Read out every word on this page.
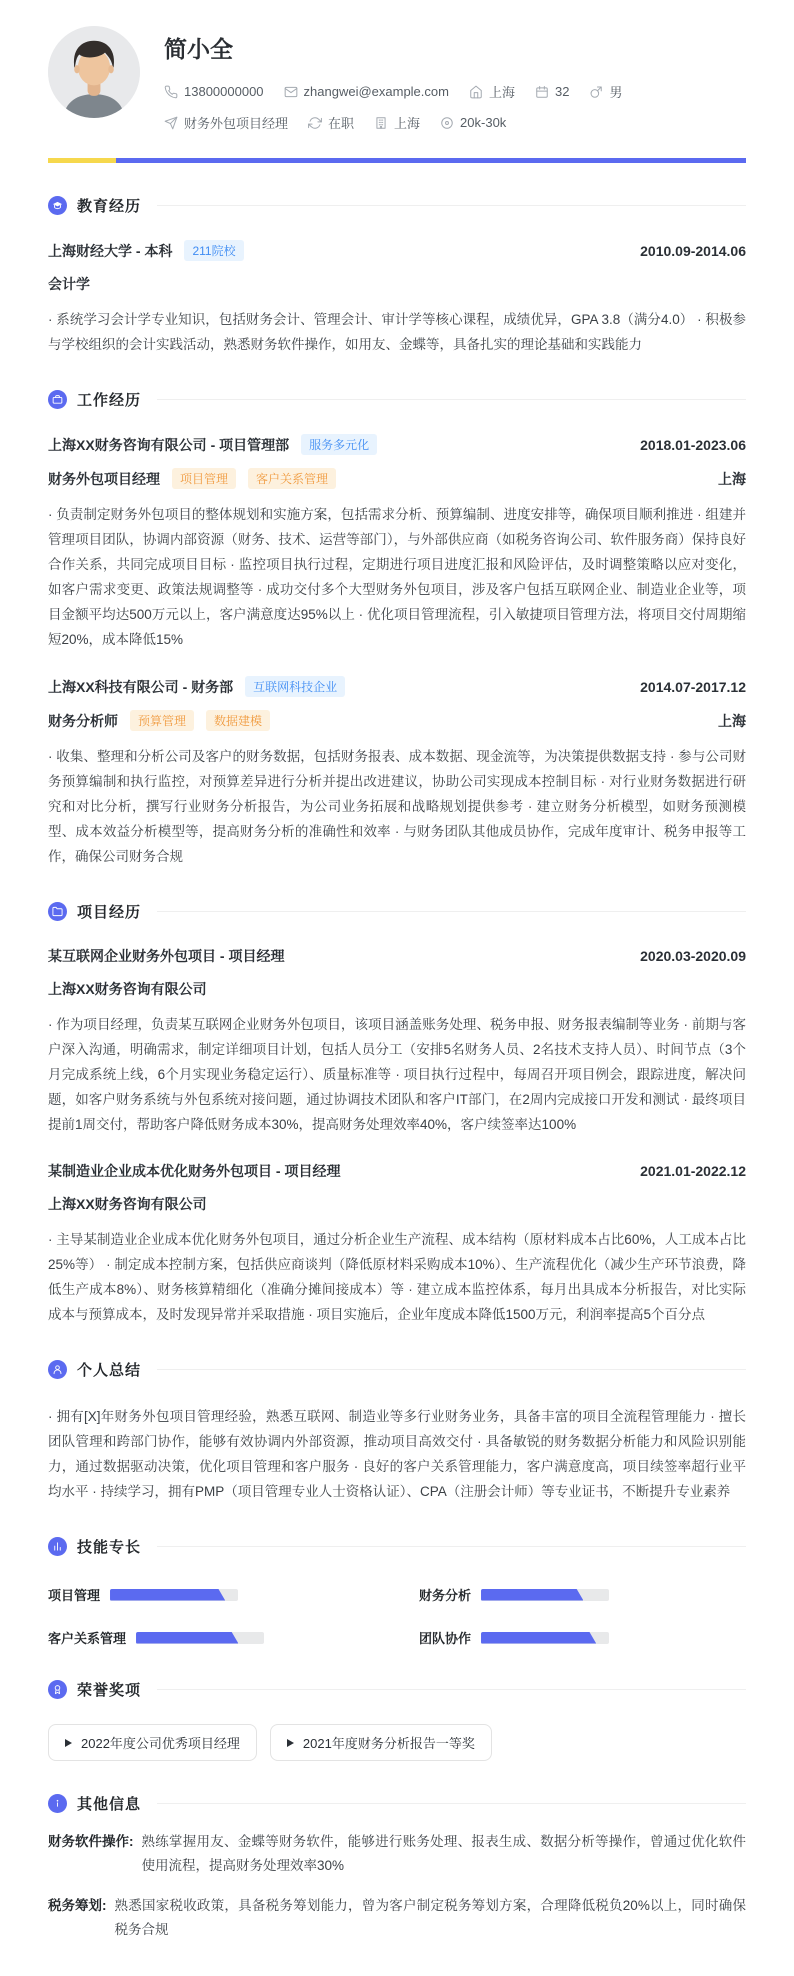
简小全
13800000000	zhangwei@example.com	上海	32	男
财务外包项目经理	在职	上海	20k-30k
教育经历
上海财经大学 - 本科	211院校	2010.09-2014.06
会计学
· 系统学习会计学专业知识，包括财务会计、管理会计、审计学等核心课程，成绩优异，GPA 3.8（满分4.0） · 积极参与学校组织的会计实践活动，熟悉财务软件操作，如用友、金蝶等，具备扎实的理论基础和实践能力
工作经历
上海XX财务咨询有限公司 - 项目管理部	服务多元化	2018.01-2023.06
财务外包项目经理	项目管理	客户关系管理	上海
· 负责制定财务外包项目的整体规划和实施方案，包括需求分析、预算编制、进度安排等，确保项目顺利推进 · 组建并管理项目团队，协调内部资源（财务、技术、运营等部门），与外部供应商（如税务咨询公司、软件服务商）保持良好合作关系，共同完成项目目标 · 监控项目执行过程，定期进行项目进度汇报和风险评估，及时调整策略以应对变化，如客户需求变更、政策法规调整等 · 成功交付多个大型财务外包项目，涉及客户包括互联网企业、制造业企业等，项目金额平均达500万元以上，客户满意度达95%以上 · 优化项目管理流程，引入敏捷项目管理方法，将项目交付周期缩短20%，成本降低15%
上海XX科技有限公司 - 财务部	互联网科技企业	2014.07-2017.12
财务分析师	预算管理	数据建模	上海
· 收集、整理和分析公司及客户的财务数据，包括财务报表、成本数据、现金流等，为决策提供数据支持 · 参与公司财务预算编制和执行监控，对预算差异进行分析并提出改进建议，协助公司实现成本控制目标 · 对行业财务数据进行研究和对比分析，撰写行业财务分析报告，为公司业务拓展和战略规划提供参考 · 建立财务分析模型，如财务预测模型、成本效益分析模型等，提高财务分析的准确性和效率 · 与财务团队其他成员协作，完成年度审计、税务申报等工作，确保公司财务合规
项目经历
某互联网企业财务外包项目 - 项目经理	2020.03-2020.09
上海XX财务咨询有限公司
· 作为项目经理，负责某互联网企业财务外包项目，该项目涵盖账务处理、税务申报、财务报表编制等业务 · 前期与客户深入沟通，明确需求，制定详细项目计划，包括人员分工（安排5名财务人员、2名技术支持人员）、时间节点（3个月完成系统上线，6个月实现业务稳定运行）、质量标准等 · 项目执行过程中，每周召开项目例会，跟踪进度，解决问题，如客户财务系统与外包系统对接问题，通过协调技术团队和客户IT部门，在2周内完成接口开发和测试 · 最终项目提前1周交付，帮助客户降低财务成本30%，提高财务处理效率40%，客户续签率达100%
某制造业企业成本优化财务外包项目 - 项目经理	2021.01-2022.12
上海XX财务咨询有限公司
· 主导某制造业企业成本优化财务外包项目，通过分析企业生产流程、成本结构（原材料成本占比60%，人工成本占比25%等） · 制定成本控制方案，包括供应商谈判（降低原材料采购成本10%）、生产流程优化（减少生产环节浪费，降低生产成本8%）、财务核算精细化（准确分摊间接成本）等 · 建立成本监控体系，每月出具成本分析报告，对比实际成本与预算成本，及时发现异常并采取措施 · 项目实施后，企业年度成本降低1500万元，利润率提高5个百分点
个人总结
· 拥有[X]年财务外包项目管理经验，熟悉互联网、制造业等多行业财务业务，具备丰富的项目全流程管理能力 · 擅长团队管理和跨部门协作，能够有效协调内外部资源，推动项目高效交付 · 具备敏锐的财务数据分析能力和风险识别能力，通过数据驱动决策，优化项目管理和客户服务 · 良好的客户关系管理能力，客户满意度高，项目续签率超行业平均水平 · 持续学习，拥有PMP（项目管理专业人士资格认证）、CPA（注册会计师）等专业证书，不断提升专业素养
技能专长
项目管理	财务分析
客户关系管理	团队协作
荣誉奖项
2022年度公司优秀项目经理	2021年度财务分析报告一等奖
其他信息
财务软件操作: 熟练掌握用友、金蝶等财务软件，能够进行账务处理、报表生成、数据分析等操作，曾通过优化软件使用流程，提高财务处理效率30%
税务筹划: 熟悉国家税收政策，具备税务筹划能力，曾为客户制定税务筹划方案，合理降低税负20%以上，同时确保税务合规
